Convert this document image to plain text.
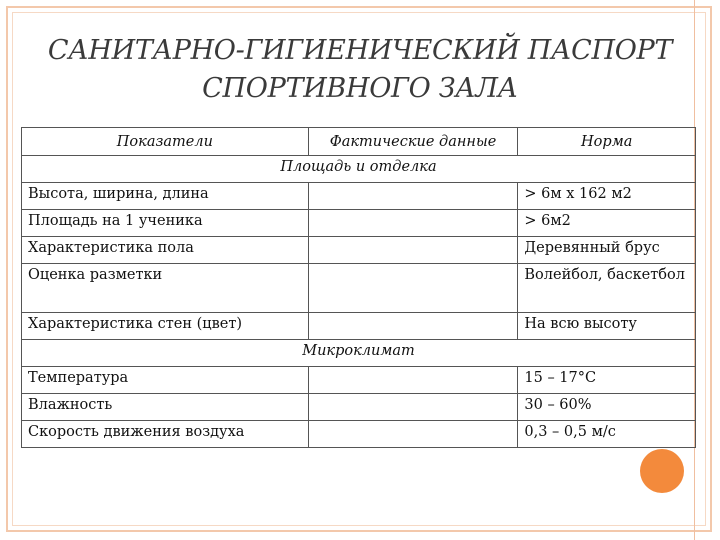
САНИТАРНО-ГИГИЕНИЧЕСКИЙ ПАСПОРТ
СПОРТИВНОГО ЗАЛА
Показатели	Фактические данные	Норма
Площадь и отделка		
Высота, ширина, длина		> 6м х 162 м2
Площадь на 1 ученика		> 6м2
Характеристика пола		Деревянный брус
Оценка разметки		Волейбол, баскетбол
Характеристика стен (цвет)		На всю высоту
Микроклимат		
Температура		15 – 17°С
Влажность		30 – 60%
Скорость движения воздуха		0,3 – 0,5 м/с
